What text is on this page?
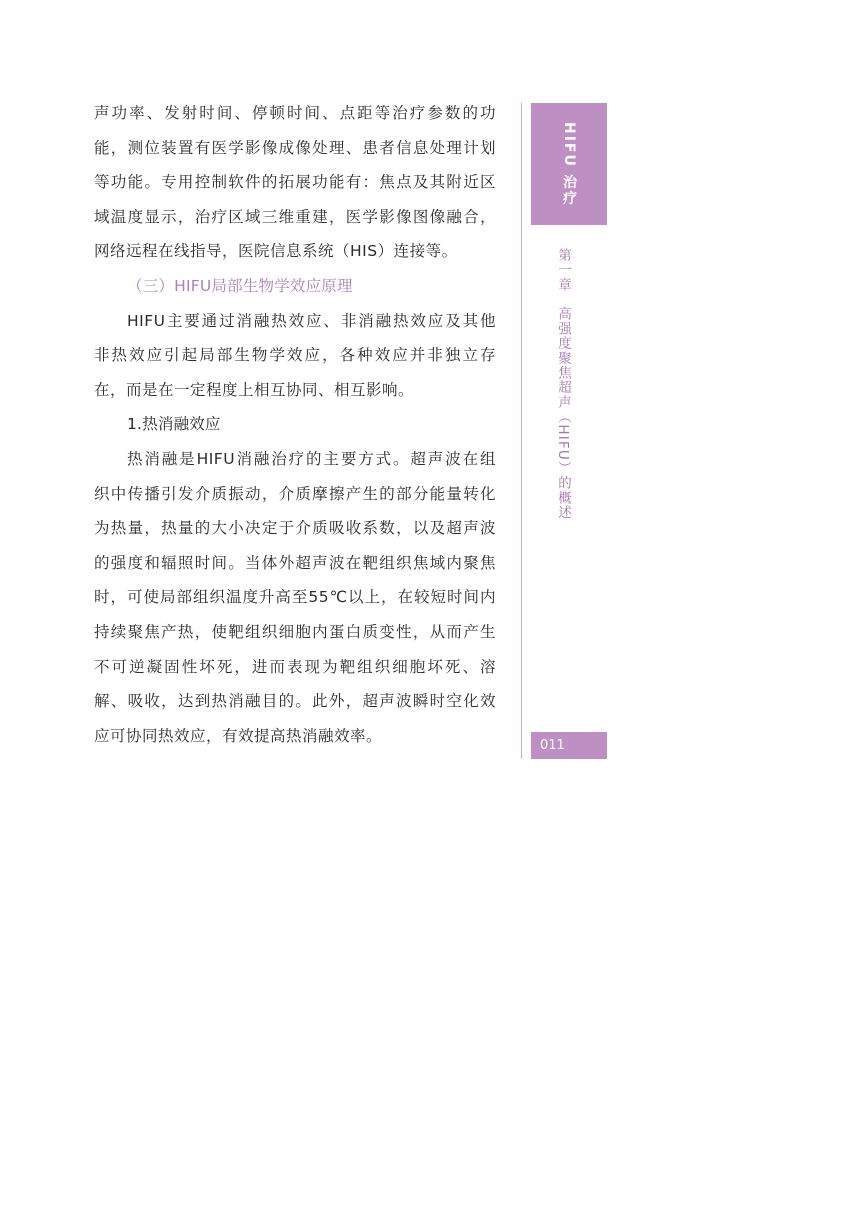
声功率、发射时间、停顿时间、点距等治疗参数的功
能，测位装置有医学影像成像处理、患者信息处理计划
等功能。专用控制软件的拓展功能有：焦点及其附近区
域温度显示，治疗区域三维重建，医学影像图像融合，
网络远程在线指导，医院信息系统（HIS）连接等。
（三）HIFU局部生物学效应原理
HIFU主要通过消融热效应、非消融热效应及其他
非热效应引起局部生物学效应，各种效应并非独立存
在，而是在一定程度上相互协同、相互影响。
1.热消融效应
热消融是HIFU消融治疗的主要方式。超声波在组
织中传播引发介质振动，介质摩擦产生的部分能量转化
为热量，热量的大小决定于介质吸收系数，以及超声波
的强度和辐照时间。当体外超声波在靶组织焦域内聚焦
时，可使局部组织温度升高至55℃以上，在较短时间内
持续聚焦产热，使靶组织细胞内蛋白质变性，从而产生
不可逆凝固性坏死，进而表现为靶组织细胞坏死、溶
解、吸收，达到热消融目的。此外，超声波瞬时空化效
应可协同热效应，有效提高热消融效率。
HIFU 治疗
第一章　高强度聚焦超声（HIFU）的概述
011
